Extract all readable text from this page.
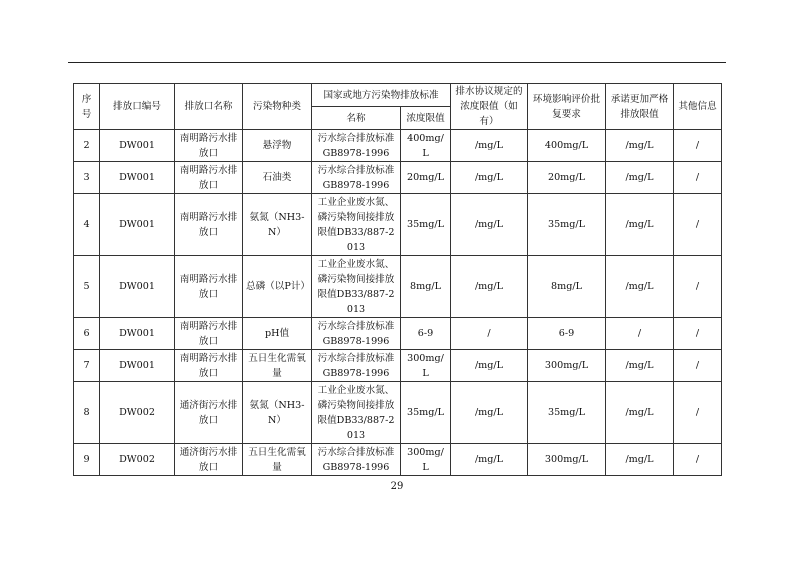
序号	排放口编号	排放口名称	污染物种类	国家或地方污染物排放标准		排水协议规定的浓度限值（如有）	环境影响评价批复要求	承诺更加严格排放限值	其他信息
				名称	浓度限值				
2	DW001	南明路污水排放口	悬浮物	污水综合排放标准GB8978-1996	400mg/L	/mg/L	400mg/L	/mg/L	/
3	DW001	南明路污水排放口	石油类	污水综合排放标准GB8978-1996	20mg/L	/mg/L	20mg/L	/mg/L	/
4	DW001	南明路污水排放口	氨氮（NH3-N）	工业企业废水氮、磷污染物间接排放限值DB33/887-2013	35mg/L	/mg/L	35mg/L	/mg/L	/
5	DW001	南明路污水排放口	总磷（以P计）	工业企业废水氮、磷污染物间接排放限值DB33/887-2013	8mg/L	/mg/L	8mg/L	/mg/L	/
6	DW001	南明路污水排放口	pH值	污水综合排放标准GB8978-1996	6-9	/	6-9	/	/
7	DW001	南明路污水排放口	五日生化需氧量	污水综合排放标准GB8978-1996	300mg/L	/mg/L	300mg/L	/mg/L	/
8	DW002	通济街污水排放口	氨氮（NH3-N）	工业企业废水氮、磷污染物间接排放限值DB33/887-2013	35mg/L	/mg/L	35mg/L	/mg/L	/
9	DW002	通济街污水排放口	五日生化需氧量	污水综合排放标准GB8978-1996	300mg/L	/mg/L	300mg/L	/mg/L	/
29
